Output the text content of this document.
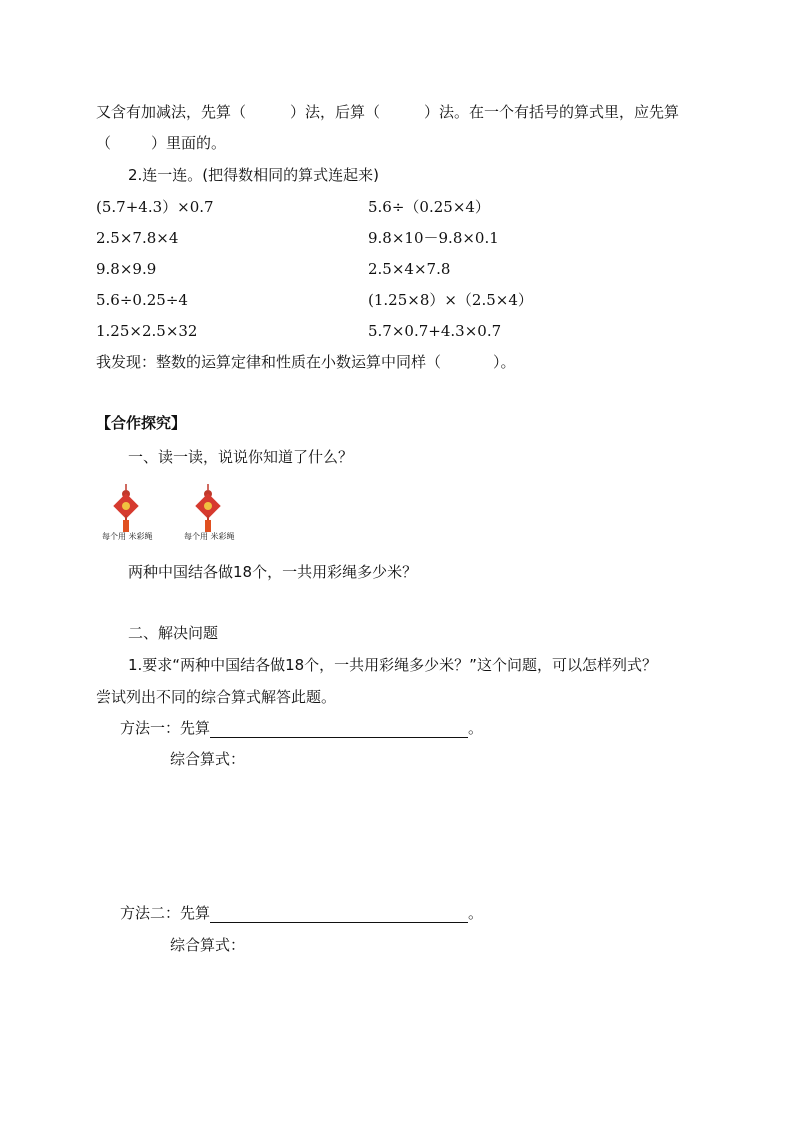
又含有加减法，先算（	）法，后算（	）法。在一个有括号的算式里，应先算
（	）里面的。
2.连一连。(把得数相同的算式连起来)
(5.7+4.3）×0.7	5.6÷（0.25×4）
2.5×7.8×4	9.8×10－9.8×0.1
9.8×9.9	2.5×4×7.8
5.6÷0.25÷4	(1.25×8）×（2.5×4）
1.25×2.5×32	5.7×0.7+4.3×0.7
我发现：整数的运算定律和性质在小数运算中同样（	）。
【合作探究】
一、读一读，说说你知道了什么？
每个用 米彩绳	每个用 米彩绳
两种中国结各做18个，一共用彩绳多少米？
二、解决问题
1.要求“两种中国结各做18个，一共用彩绳多少米？”这个问题，可以怎样列式？
尝试列出不同的综合算式解答此题。
方法一：先算	。
综合算式：
方法二：先算	。
综合算式：
